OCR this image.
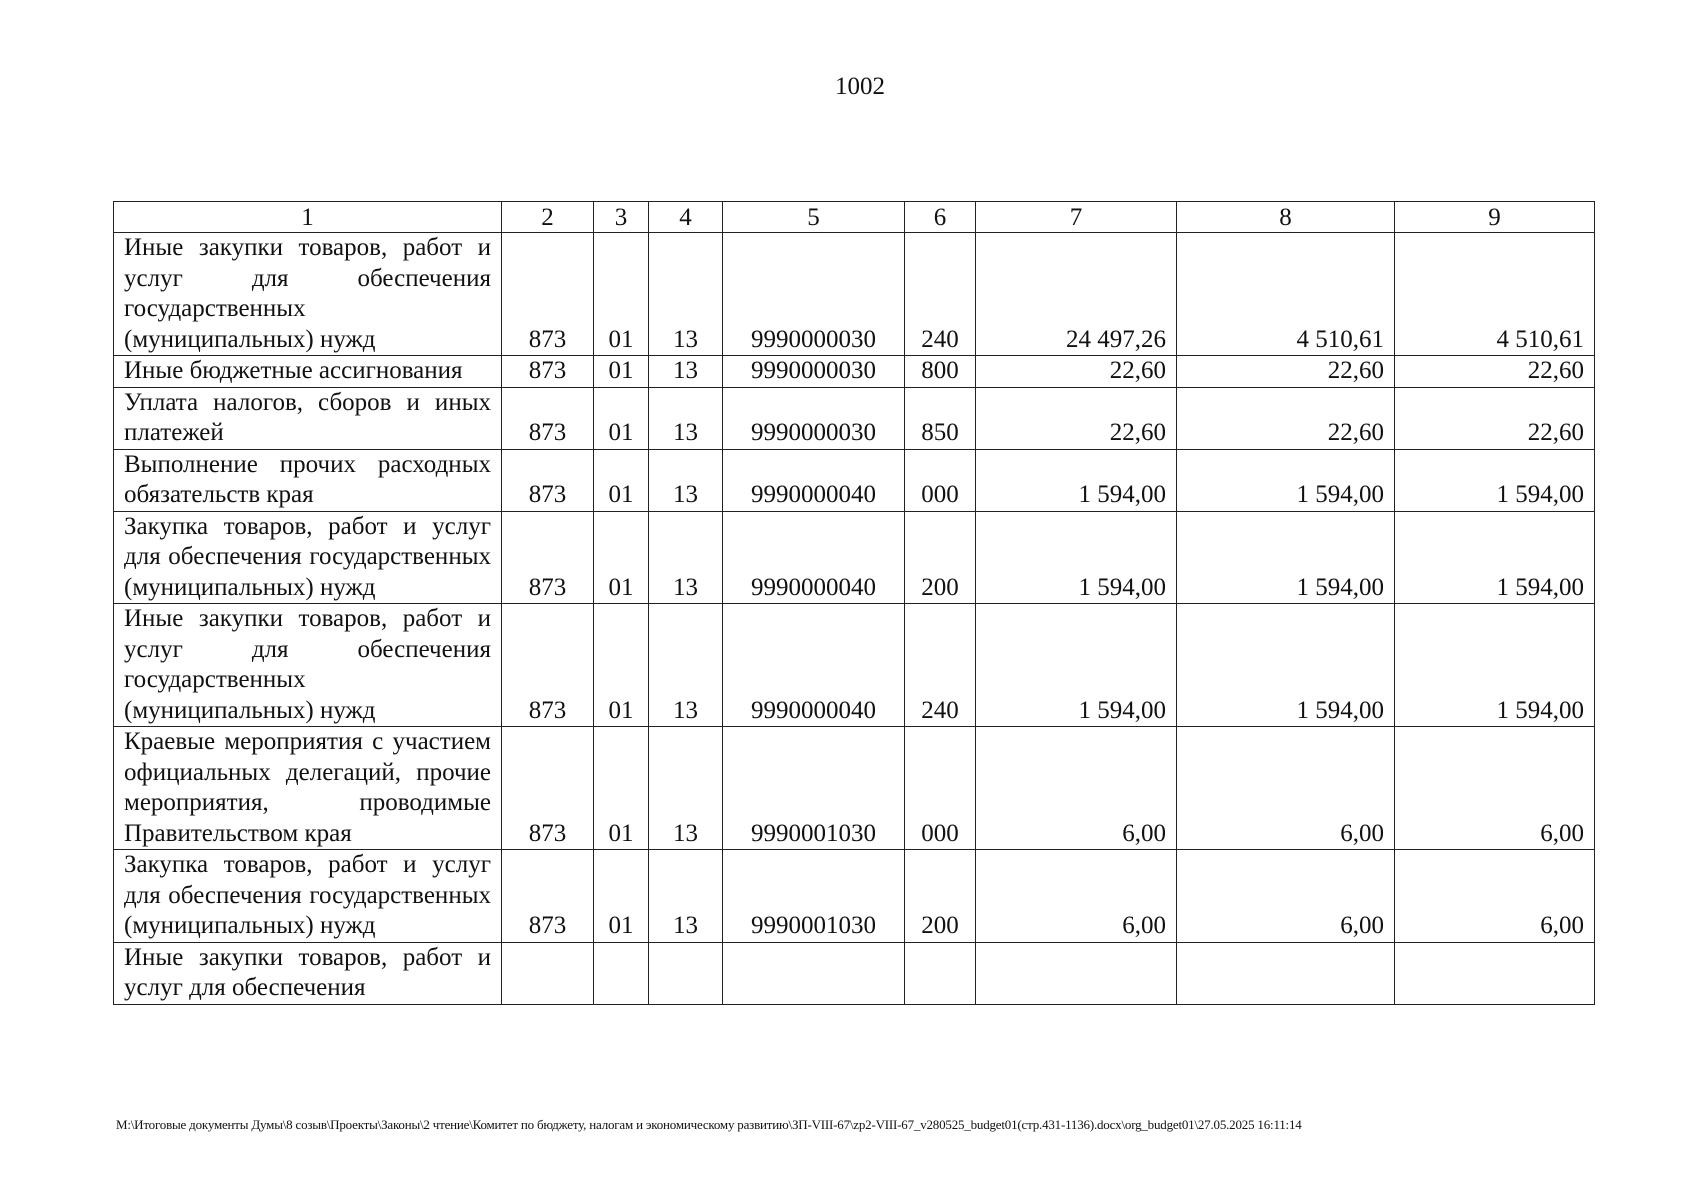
1002
1	2	3	4	5	6	7	8	9
Иные закупки товаров, работ и услуг для обеспечения государственных (муниципальных) нужд	873	01	13	9990000030	240	24 497,26	4 510,61	4 510,61
Иные бюджетные ассигнования	873	01	13	9990000030	800	22,60	22,60	22,60
Уплата налогов, сборов и иных платежей	873	01	13	9990000030	850	22,60	22,60	22,60
Выполнение прочих расходных обязательств края	873	01	13	9990000040	000	1 594,00	1 594,00	1 594,00
Закупка товаров, работ и услуг для обеспечения государственных (муниципальных) нужд	873	01	13	9990000040	200	1 594,00	1 594,00	1 594,00
Иные закупки товаров, работ и услуг для обеспечения государственных (муниципальных) нужд	873	01	13	9990000040	240	1 594,00	1 594,00	1 594,00
Краевые мероприятия с участием официальных делегаций, прочие мероприятия, проводимые Правительством края	873	01	13	9990001030	000	6,00	6,00	6,00
Закупка товаров, работ и услуг для обеспечения государственных (муниципальных) нужд	873	01	13	9990001030	200	6,00	6,00	6,00
Иные закупки товаров, работ и услуг для обеспечения								
M:\Итоговые документы Думы\8 созыв\Проекты\Законы\2 чтение\Комитет по бюджету, налогам и экономическому развитию\ЗП-VIII-67\zp2-VIII-67_v280525_budget01(стр.431-1136).docx\org_budget01\27.05.2025 16:11:14
